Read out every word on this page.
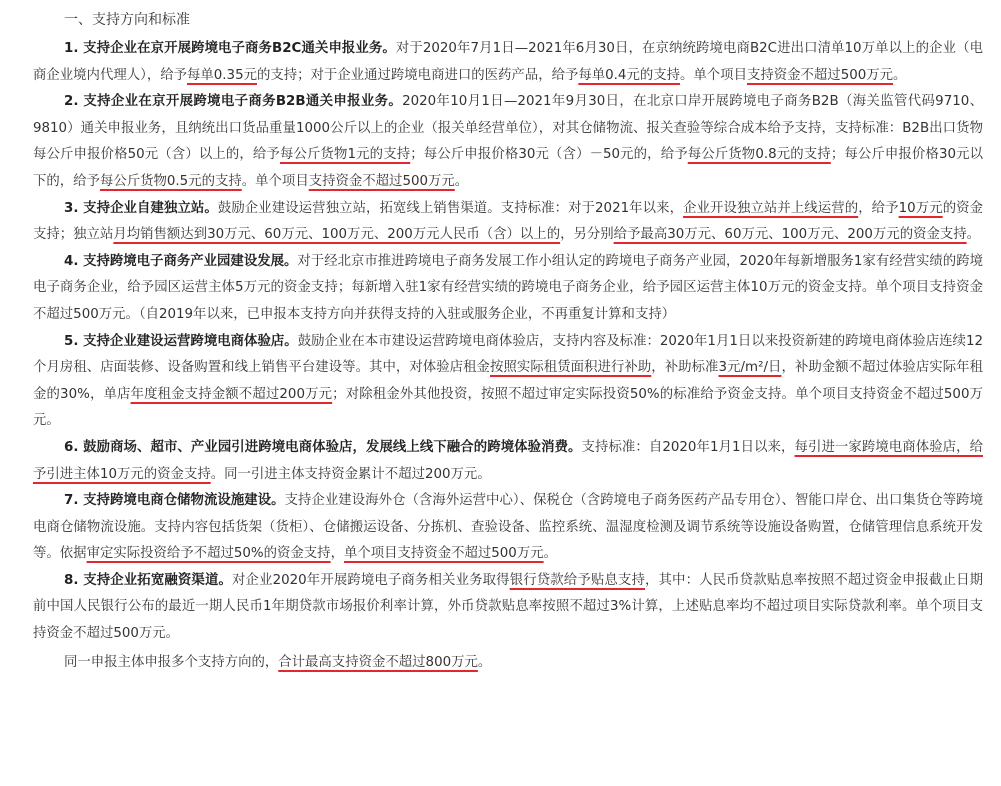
一、支持方向和标准

1. 支持企业在京开展跨境电子商务B2C通关申报业务。对于2020年7月1日—2021年6月30日，在京纳统跨境电商B2C进出口清单10万单以上的企业（电商企业境内代理人），给予每单0.35元的支持；对于企业通过跨境电商进口的医药产品，给予每单0.4元的支持。单个项目支持资金不超过500万元。

2. 支持企业在京开展跨境电子商务B2B通关申报业务。2020年10月1日—2021年9月30日，在北京口岸开展跨境电子商务B2B（海关监管代码9710、9810）通关申报业务，且纳统出口货品重量1000公斤以上的企业（报关单经营单位），对其仓储物流、报关查验等综合成本给予支持，支持标准：B2B出口货物每公斤申报价格50元（含）以上的，给予每公斤货物1元的支持；每公斤申报价格30元（含）－50元的，给予每公斤货物0.8元的支持；每公斤申报价格30元以下的，给予每公斤货物0.5元的支持。单个项目支持资金不超过500万元。

3. 支持企业自建独立站。鼓励企业建设运营独立站，拓宽线上销售渠道。支持标准：对于2021年以来，企业开设独立站并上线运营的，给予10万元的资金支持；独立站月均销售额达到30万元、60万元、100万元、200万元人民币（含）以上的，另分别给予最高30万元、60万元、100万元、200万元的资金支持。

4. 支持跨境电子商务产业园建设发展。对于经北京市推进跨境电子商务发展工作小组认定的跨境电子商务产业园，2020年每新增服务1家有经营实绩的跨境电子商务企业，给予园区运营主体5万元的资金支持；每新增入驻1家有经营实绩的跨境电子商务企业，给予园区运营主体10万元的资金支持。单个项目支持资金不超过500万元。（自2019年以来，已申报本支持方向并获得支持的入驻或服务企业，不再重复计算和支持）

5. 支持企业建设运营跨境电商体验店。鼓励企业在本市建设运营跨境电商体验店，支持内容及标准：2020年1月1日以来投资新建的跨境电商体验店连续12个月房租、店面装修、设备购置和线上销售平台建设等。其中，对体验店租金按照实际租赁面积进行补助，补助标准3元/m²/日，补助金额不超过体验店实际年租金的30%，单店年度租金支持金额不超过200万元；对除租金外其他投资，按照不超过审定实际投资50%的标准给予资金支持。单个项目支持资金不超过500万元。

6. 鼓励商场、超市、产业园引进跨境电商体验店，发展线上线下融合的跨境体验消费。支持标准：自2020年1月1日以来，每引进一家跨境电商体验店，给予引进主体10万元的资金支持。同一引进主体支持资金累计不超过200万元。

7. 支持跨境电商仓储物流设施建设。支持企业建设海外仓（含海外运营中心）、保税仓（含跨境电子商务医药产品专用仓）、智能口岸仓、出口集货仓等跨境电商仓储物流设施。支持内容包括货架（货柜）、仓储搬运设备、分拣机、查验设备、监控系统、温湿度检测及调节系统等设施设备购置，仓储管理信息系统开发等。依据审定实际投资给予不超过50%的资金支持，单个项目支持资金不超过500万元。

8. 支持企业拓宽融资渠道。对企业2020年开展跨境电子商务相关业务取得银行贷款给予贴息支持，其中：人民币贷款贴息率按照不超过资金申报截止日期前中国人民银行公布的最近一期人民币1年期贷款市场报价利率计算，外币贷款贴息率按照不超过3%计算，上述贴息率均不超过项目实际贷款利率。单个项目支持资金不超过500万元。

同一申报主体申报多个支持方向的，合计最高支持资金不超过800万元。
